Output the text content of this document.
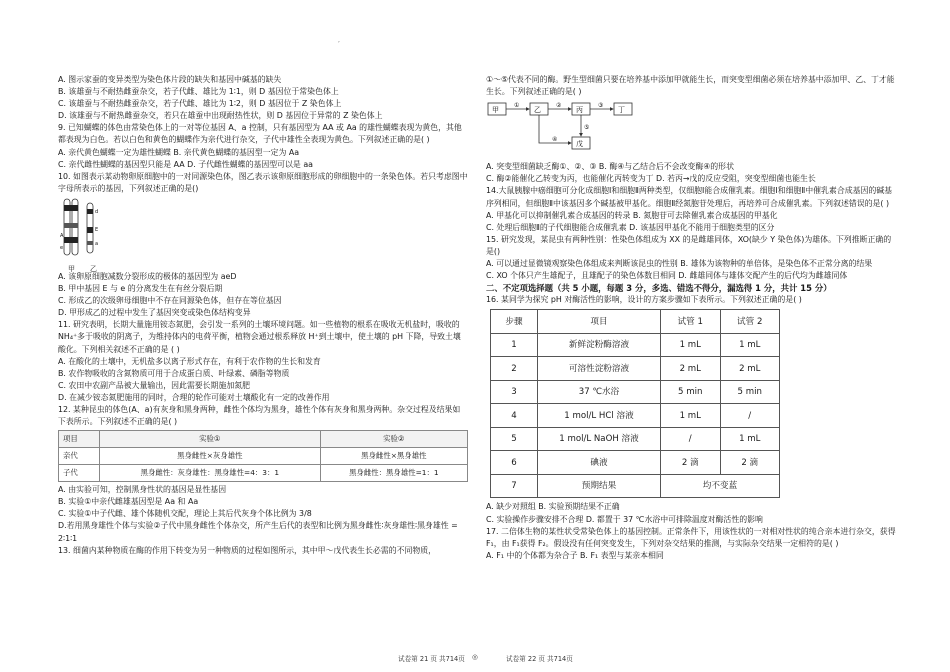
,
A. 图示家蚕的变异类型为染色体片段的缺失和基因中碱基的缺失
B. 该雄蚕与不耐热雌蚕杂交，若子代雌、雄比为 1∶1，则 D 基因位于常染色体上
C. 该雄蚕与不耐热雌蚕杂交，若子代雌、雄比为 1∶2，则 D 基因位于 Z 染色体上
D. 该雄蚕与不耐热雌蚕杂交，若只在雄蚕中出现耐热性状，则 D 基因位于异常的 Z 染色体上
9. 已知蝴蝶的体色由常染色体上的一对等位基因 A、a 控制，只有基因型为 AA 或 Aa 的雄性蝴蝶表现为黄色，其他都表现为白色。若以白色和黄色的蝴蝶作为亲代进行杂交，子代中雄性全表现为黄色。下列叙述正确的是( )
A. 亲代黄色蝴蝶一定为雄性蝴蝶 B. 亲代黄色蝴蝶的基因型一定为 Aa
C. 亲代雌性蝴蝶的基因型只能是 AA D. 子代雌性蝴蝶的基因型可以是 aa
10. 如图表示某动物卵原细胞中的一对同源染色体，图乙表示该卵原细胞形成的卵细胞中的一条染色体。若只考虑图中字母所表示的基因，下列叙述正确的是()
A
e
d
E
a
甲 乙
A. 该卵原细胞减数分裂形成的极体的基因型为 aeD
B. 甲中基因 E 与 e 的分离发生在有丝分裂后期
C. 形成乙的次级卵母细胞中不存在同源染色体，但存在等位基因
D. 甲形成乙的过程中发生了基因突变或染色体结构变异
11. 研究表明，长期大量施用铵态氮肥，会引发一系列的土壤环境问题。如一些植物的根系在吸收无机盐时，吸收的 NH₄⁺多于吸收的阴离子，为维持体内的电荷平衡，植物会通过根系释放 H⁺到土壤中，使土壤的 pH 下降，导致土壤酸化。下列相关叙述不正确的是 ( )
A. 在酸化的土壤中，无机盐多以离子形式存在，有利于农作物的生长和发育
B. 农作物吸收的含氮物质可用于合成蛋白质、叶绿素、磷脂等物质
C. 农田中农副产品被大量输出，因此需要长期施加氮肥
D. 在减少铵态氮肥施用的同时，合理的轮作可能对土壤酸化有一定的改善作用
12. 某种昆虫的体色(A、a)有灰身和黑身两种，雌性个体均为黑身，雄性个体有灰身和黑身两种。杂交过程及结果如下表所示。下列叙述不正确的是( )
项目	实验①	实验②
亲代	黑身雌性×灰身雄性	黑身雌性×黑身雄性
子代	黑身雌性：灰身雄性：黑身雄性=4：3：1	黑身雌性：黑身雄性=1：1
A. 由实验可知，控制黑身性状的基因是显性基因
B. 实验①中亲代雌雄基因型是 Aa 和 Aa
C. 实验①中子代雌、雄个体随机交配，理论上其后代灰身个体比例为 3/8
D.若用黑身雄性个体与实验②子代中黑身雌性个体杂交，所产生后代的表型和比例为黑身雌性∶灰身雄性∶黑身雄性 = 2∶1∶1
13. 细菌内某种物质在酶的作用下转变为另一种物质的过程如图所示，其中甲～戊代表生长必需的不同物质，
①～⑤代表不同的酶。野生型细菌只要在培养基中添加甲就能生长，而突变型细菌必须在培养基中添加甲、乙、丁才能生长。下列叙述正确的是( )
甲	乙	丙	丁
戊
①	②	③
④
⑤
A. 突变型细菌缺乏酶①、②、③ B. 酶④与乙结合后不会改变酶④的形状
C. 酶②能催化乙转变为丙，也能催化丙转变为丁 D. 若丙→戊的反应受阻，突变型细菌也能生长
14.大鼠胰腺中癌细胞可分化成细胞Ⅰ和细胞Ⅱ两种类型，仅细胞Ⅰ能合成催乳素。细胞Ⅰ和细胞Ⅱ中催乳素合成基因的碱基序列相同，但细胞Ⅱ中该基因多个碱基被甲基化。细胞Ⅱ经氮胞苷处理后，再培养可合成催乳素。下列叙述错误的是( )
A. 甲基化可以抑制催乳素合成基因的转录 B. 氮胞苷可去除催乳素合成基因的甲基化
C. 处理后细胞Ⅱ的子代细胞能合成催乳素 D. 该基因甲基化不能用于细胞类型的区分
15. 研究发现，某昆虫有两种性别：性染色体组成为 XX 的是雌雄同体，XO(缺少 Y 染色体)为雄体。下列推断正确的是()
A. 可以通过显微镜观察染色体组成来判断该昆虫的性别 B. 雄体为该物种的单倍体，是染色体不正常分离的结果
C. XO 个体只产生雄配子，且雄配子的染色体数目相同 D. 雌雄同体与雄体交配产生的后代均为雌雄同体
二、不定项选择题（共 5 小题，每题 3 分，多选、错选不得分，漏选得 1 分，共计 15 分）
16. 某同学为探究 pH 对酶活性的影响，设计的方案步骤如下表所示。下列叙述正确的是( )
步骤	项目	试管 1	试管 2
1	新鲜淀粉酶溶液	1 mL	1 mL
2	可溶性淀粉溶液	2 mL	2 mL
3	37 ℃水浴	5 min	5 min
4	1 mol/L HCl 溶液	1 mL	/
5	1 mol/L NaOH 溶液	/	1 mL
6	碘液	2 滴	2 滴
7	预期结果	均不变蓝	
A. 缺少对照组 B. 实验预期结果不正确
C. 实验操作步骤安排不合理 D. 都置于 37 ℃水浴中可排除温度对酶活性的影响
17. 二倍体生物的某性状受常染色体上的基因控制。正常条件下，用该性状的一对相对性状的纯合亲本进行杂交，获得 F₁，由 F₁获得 F₂。假设没有任何突变发生，下列对杂交结果的推测，与实际杂交结果一定相符的是( )
A. F₁ 中的个体都为杂合子 B. F₁ 表型与某亲本相同
试卷第 21 页 共714页 ◎	试卷第 22 页 共714页
